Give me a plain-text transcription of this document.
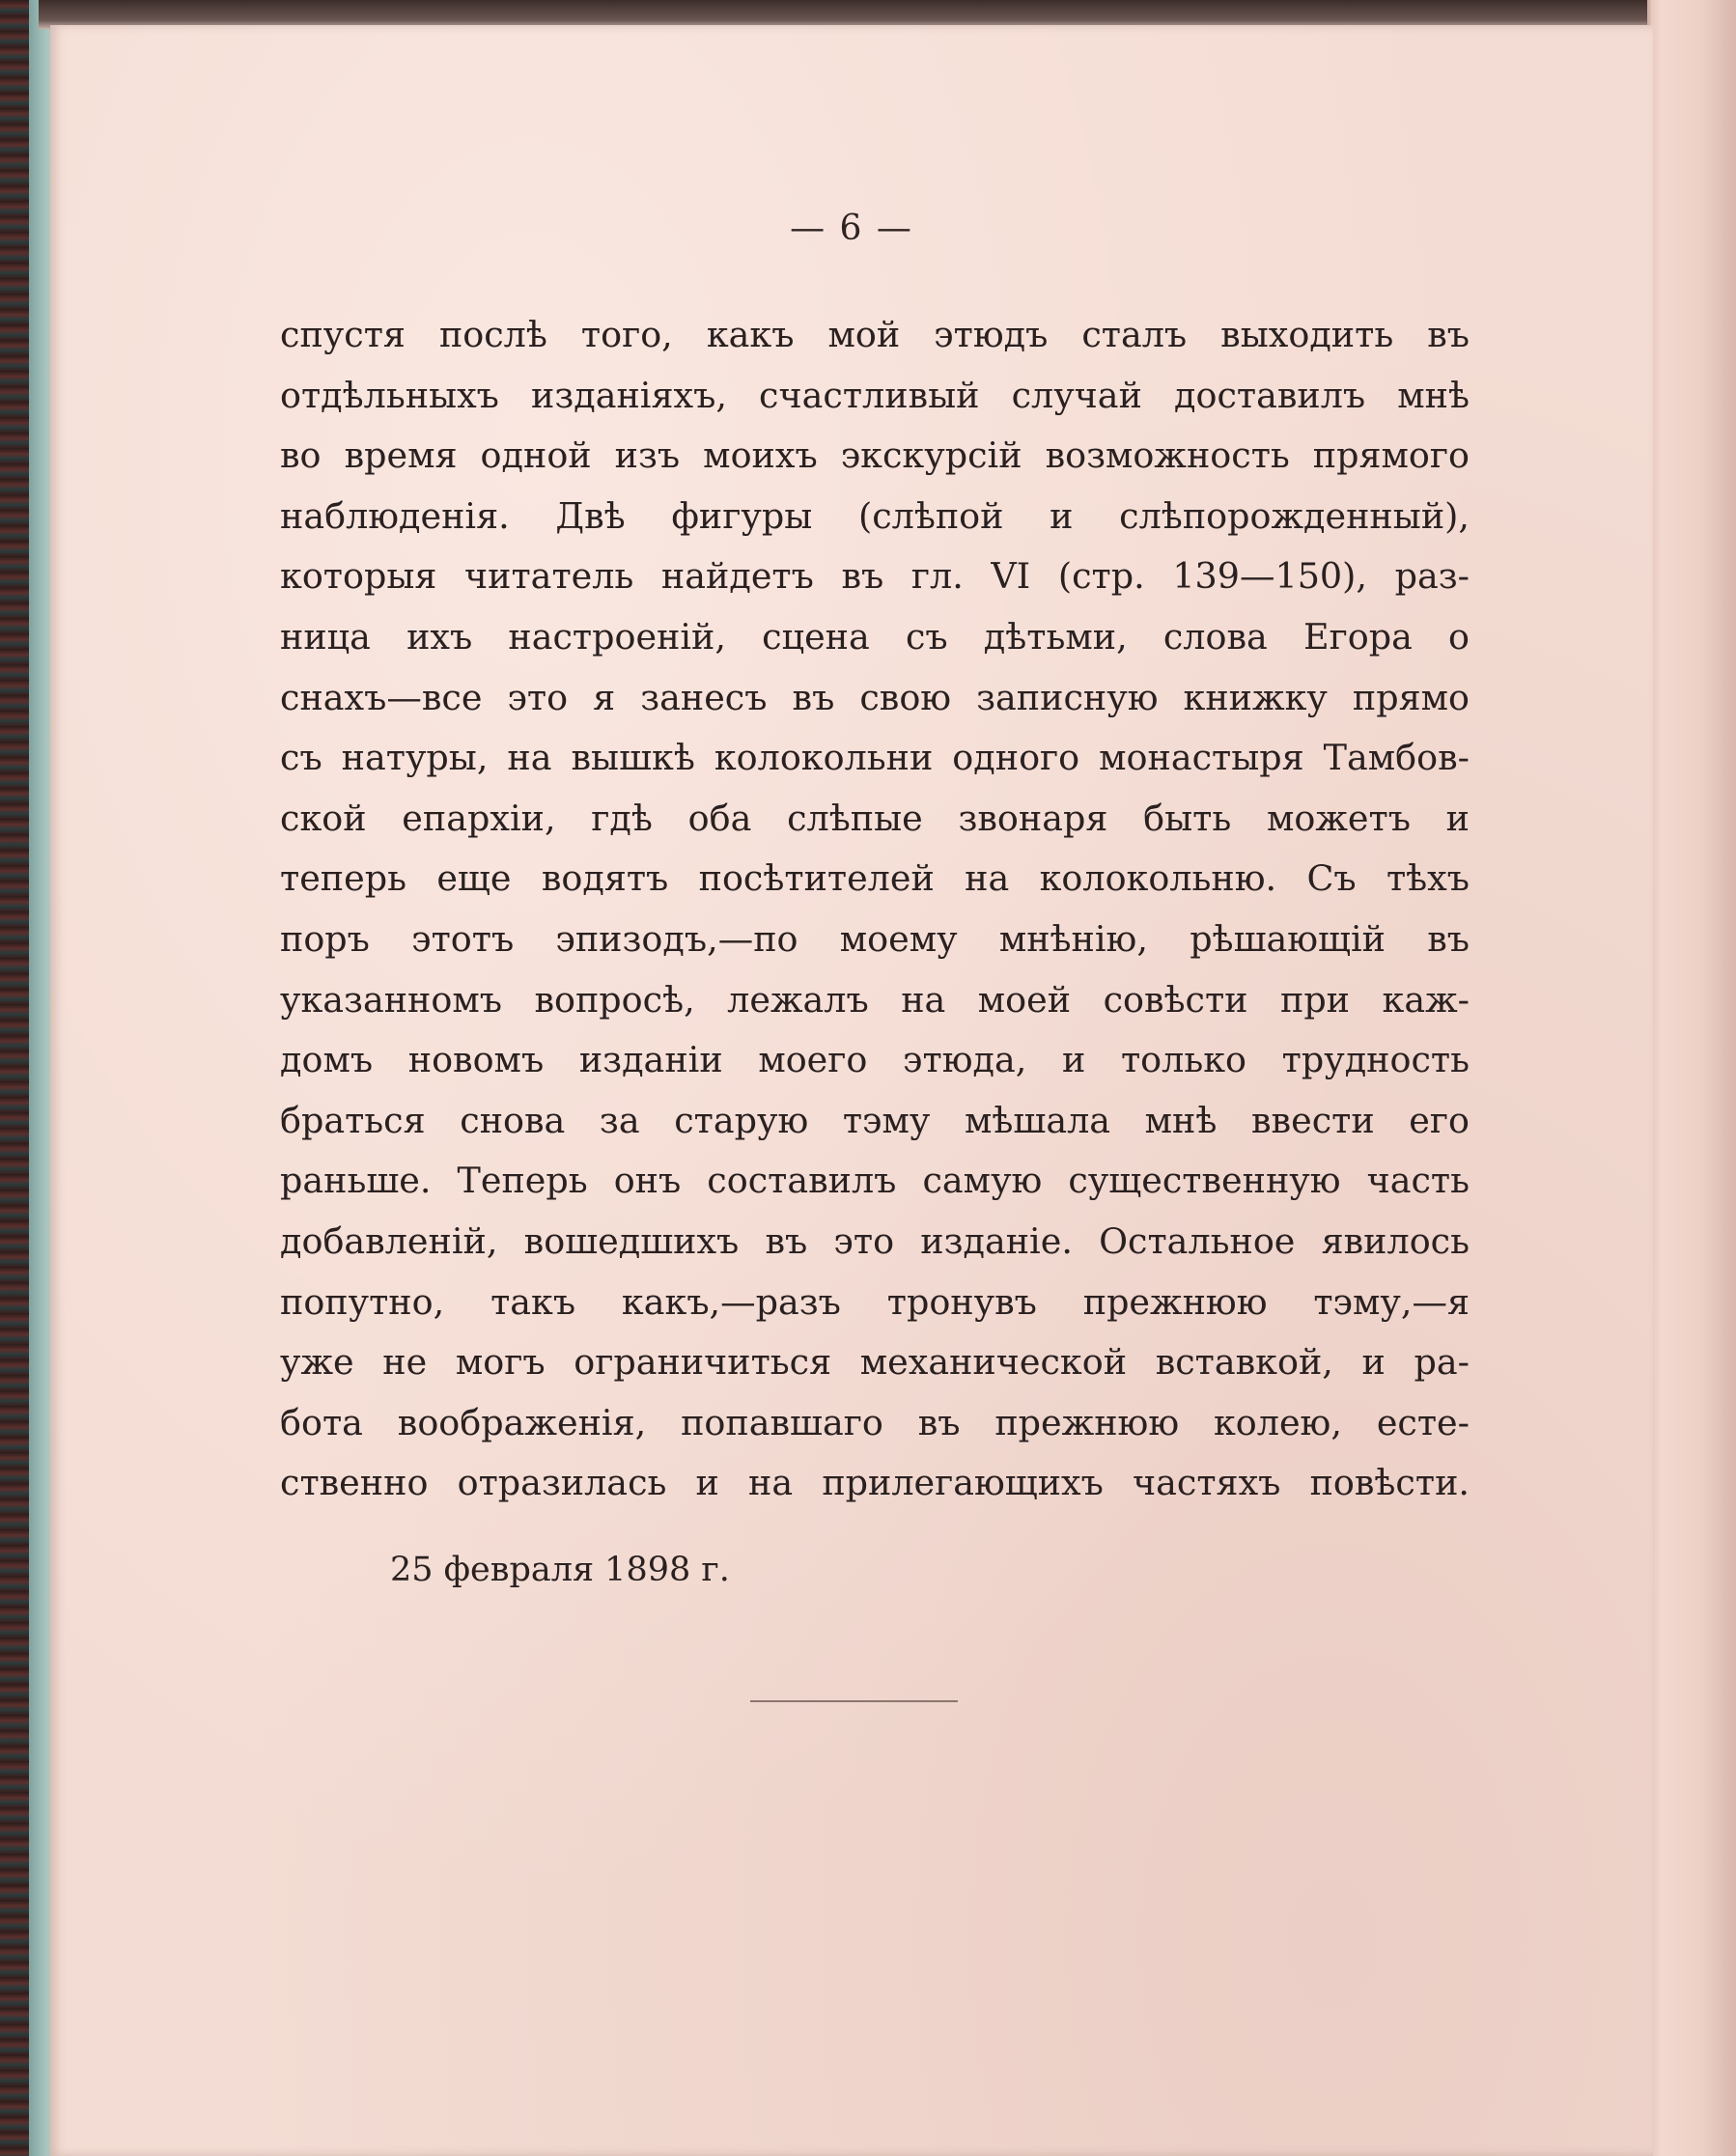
— 6 —
спустя послѣ того, какъ мой этюдъ сталъ выходить въ
отдѣльныхъ изданiяхъ, счастливый случай доставилъ мнѣ
во время одной изъ моихъ экскурсiй возможность прямого
наблюденiя. Двѣ фигуры (слѣпой и слѣпорожденный),
которыя читатель найдетъ въ гл. VI (стр. 139—150), раз-
ница ихъ настроенiй, сцена съ дѣтьми, слова Егора о
снахъ—все это я занесъ въ свою записную книжку прямо
съ натуры, на вышкѣ колокольни одного монастыря Тамбов-
ской епархiи, гдѣ оба слѣпые звонаря быть можетъ и
теперь еще водятъ посѣтителей на колокольню. Съ тѣхъ
поръ этотъ эпизодъ,—по моему мнѣнiю, рѣшающiй въ
указанномъ вопросѣ, лежалъ на моей совѣсти при каж-
домъ новомъ изданiи моего этюда, и только трудность
браться снова за старую тэму мѣшала мнѣ ввести его
раньше. Теперь онъ составилъ самую существенную часть
добавленiй, вошедшихъ въ это изданiе. Остальное явилось
попутно, такъ какъ,—разъ тронувъ прежнюю тэму,—я
уже не могъ ограничиться механической вставкой, и ра-
бота воображенiя, попавшаго въ прежнюю колею, есте-
ственно отразилась и на прилегающихъ частяхъ повѣсти.
25 февраля 1898 г.
